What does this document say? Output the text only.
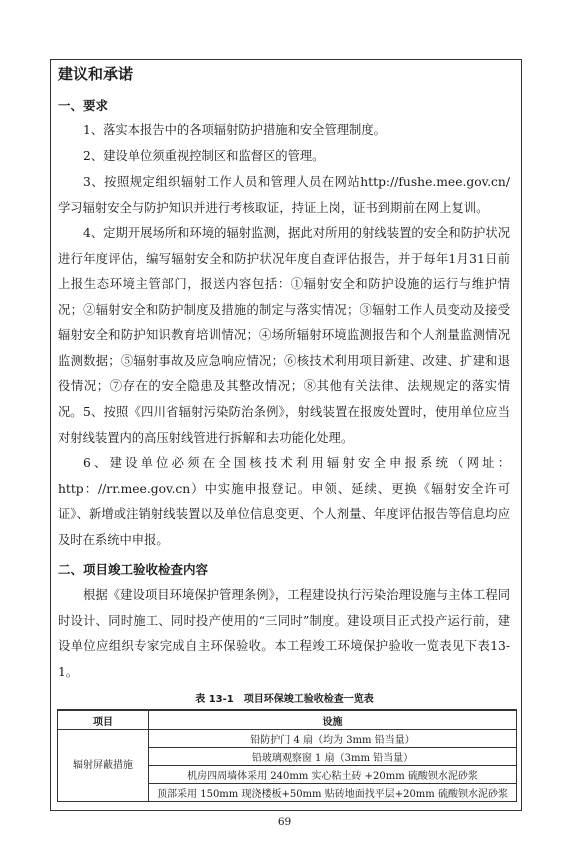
建议和承诺
一、要求
1、落实本报告中的各项辐射防护措施和安全管理制度。
2、建设单位须重视控制区和监督区的管理。
3、按照规定组织辐射工作人员和管理人员在网站http://fushe.mee.gov.cn/学习辐射安全与防护知识并进行考核取证，持证上岗，证书到期前在网上复训。
4、定期开展场所和环境的辐射监测，据此对所用的射线装置的安全和防护状况进行年度评估，编写辐射安全和防护状况年度自查评估报告，并于每年1月31日前上报生态环境主管部门，报送内容包括：①辐射安全和防护设施的运行与维护情况；②辐射安全和防护制度及措施的制定与落实情况；③辐射工作人员变动及接受辐射安全和防护知识教育培训情况；④场所辐射环境监测报告和个人剂量监测情况监测数据；⑤辐射事故及应急响应情况；⑥核技术利用项目新建、改建、扩建和退役情况；⑦存在的安全隐患及其整改情况；⑧其他有关法律、法规规定的落实情况。 5、按照《四川省辐射污染防治条例》，射线装置在报废处置时，使用单位应当对射线装置内的高压射线管进行拆解和去功能化处理。
6、建设单位必须在全国核技术利用辐射安全申报系统（网址：http：//rr.mee.gov.cn）中实施申报登记。申领、延续、更换《辐射安全许可证》、新增或注销射线装置以及单位信息变更、个人剂量、年度评估报告等信息均应及时在系统中申报。
二、项目竣工验收检查内容
根据《建设项目环境保护管理条例》，工程建设执行污染治理设施与主体工程同时设计、同时施工、同时投产使用的“三同时”制度。建设项目正式投产运行前，建设单位应组织专家完成自主环保验收。本工程竣工环境保护验收一览表见下表13-1。
表 13-1　项目环保竣工验收检查一览表
项目	设施
辐射屏蔽措施	铅防护门 4 扇（均为 3mm 铅当量）
	铅玻璃观察窗 1 扇（3mm 铅当量）
	机房四周墙体采用 240mm 实心粘土砖 +20mm 硫酸钡水泥砂浆
	顶部采用 150mm 现浇楼板+50mm 贴砖地面找平层+20mm 硫酸钡水泥砂浆
69
